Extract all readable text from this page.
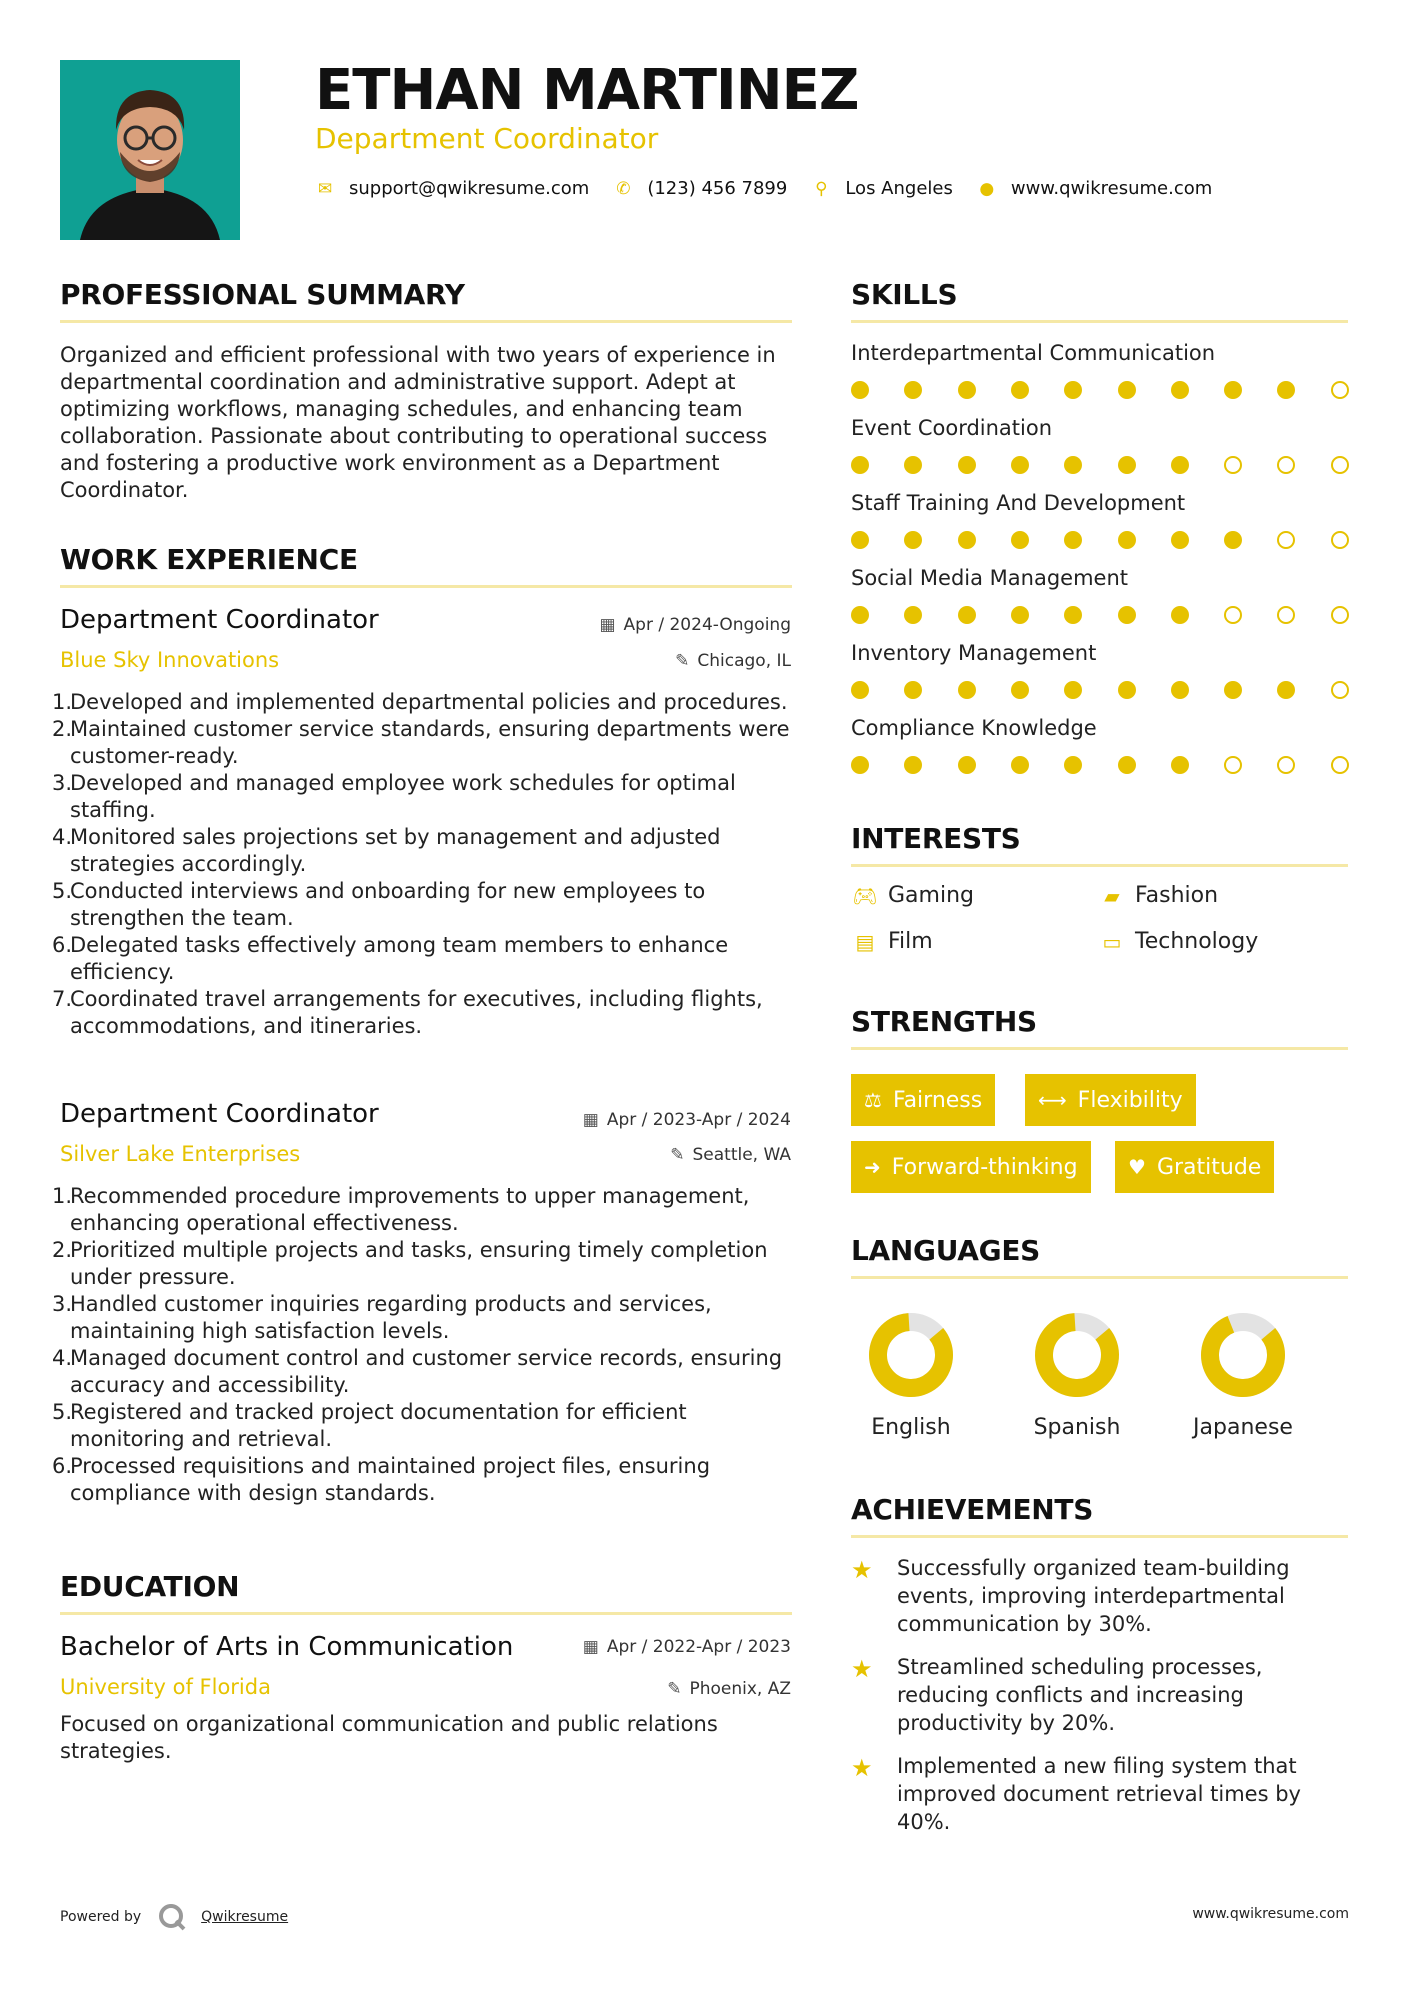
ETHAN MARTINEZ
Department Coordinator
✉ support@qwikresume.com ✆ (123) 456 7899 ⚲ Los Angeles ● www.qwikresume.com
PROFESSIONAL SUMMARY
Organized and efficient professional with two years of experience in departmental coordination and administrative support. Adept at optimizing workflows, managing schedules, and enhancing team collaboration. Passionate about contributing to operational success and fostering a productive work environment as a Department Coordinator.
WORK EXPERIENCE
Department Coordinator	▦ Apr / 2024-Ongoing
Blue Sky Innovations	✎ Chicago, IL
1.
Developed and implemented departmental policies and procedures.
2.
Maintained customer service standards, ensuring departments were customer-ready.
3.
Developed and managed employee work schedules for optimal staffing.
4.
Monitored sales projections set by management and adjusted strategies accordingly.
5.
Conducted interviews and onboarding for new employees to strengthen the team.
6.
Delegated tasks effectively among team members to enhance efficiency.
7.
Coordinated travel arrangements for executives, including flights, accommodations, and itineraries.
Department Coordinator	▦ Apr / 2023-Apr / 2024
Silver Lake Enterprises	✎ Seattle, WA
1.
Recommended procedure improvements to upper management, enhancing operational effectiveness.
2.
Prioritized multiple projects and tasks, ensuring timely completion under pressure.
3.
Handled customer inquiries regarding products and services, maintaining high satisfaction levels.
4.
Managed document control and customer service records, ensuring accuracy and accessibility.
5.
Registered and tracked project documentation for efficient monitoring and retrieval.
6.
Processed requisitions and maintained project files, ensuring compliance with design standards.
EDUCATION
Bachelor of Arts in Communication	▦ Apr / 2022-Apr / 2023
University of Florida	✎ Phoenix, AZ
Focused on organizational communication and public relations strategies.
SKILLS
Interdepartmental Communication
Event Coordination
Staff Training And Development
Social Media Management
Inventory Management
Compliance Knowledge
INTERESTS
🎮︎ Gaming	▰ Fashion
▤ Film	▭ Technology
STRENGTHS
⚖ Fairness	⟷ Flexibility
➜ Forward-thinking	♥ Gratitude
LANGUAGES
English	Spanish	Japanese
ACHIEVEMENTS
★ Successfully organized team-building events, improving interdepartmental communication by 30%.
★ Streamlined scheduling processes, reducing conflicts and increasing productivity by 20%.
★ Implemented a new filing system that improved document retrieval times by 40%.
Powered by	Qwikresume	www.qwikresume.com
